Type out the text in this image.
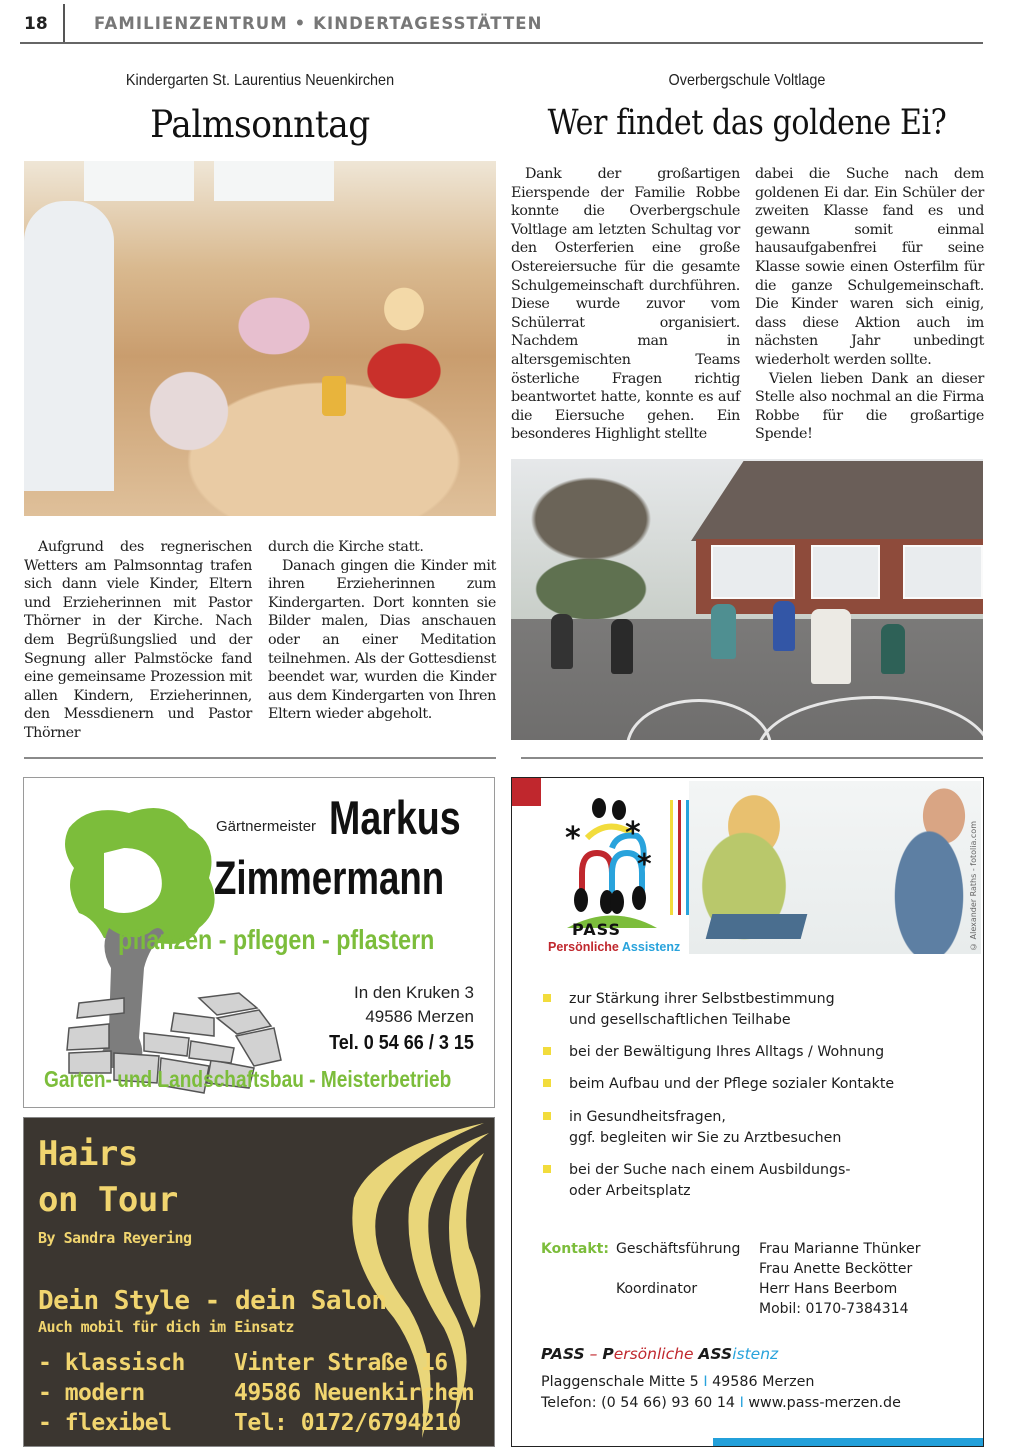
18	FAMILIENZENTRUM • KINDERTAGESSTÄTTEN
Kindergarten St. Laurentius Neuenkirchen
Palmsonntag

Aufgrund des regnerischen Wetters am Palmsonntag trafen sich dann viele Kinder, Eltern und Erzieherinnen mit Pastor Thörner in der Kirche. Nach dem Begrüßungslied und der Segnung aller Palmstöcke fand eine gemeinsame Prozession mit allen Kindern, Erzieherinnen, den Messdienern und Pastor Thörner

durch die Kirche statt.

Danach gingen die Kinder mit ihren Erzieherinnen zum Kindergarten. Dort konnten sie Bilder malen, Dias anschauen oder an einer Meditation teilnehmen. Als der Gottesdienst beendet war, wurden die Kinder aus dem Kindergarten von Ihren Eltern wieder abgeholt.

Overbergschule Voltlage
Wer findet das goldene Ei?

Dank der großartigen Eierspende der Familie Robbe konnte die Overbergschule Voltlage am letzten Schultag vor den Osterferien eine große Ostereiersuche für die gesamte Schulgemeinschaft durchführen. Diese wurde zuvor vom Schülerrat organisiert. Nachdem man in altersgemischten Teams österliche Fragen richtig beantwortet hatte, konnte es auf die Eiersuche gehen. Ein besonderes Highlight stellte

dabei die Suche nach dem goldenen Ei dar. Ein Schüler der zweiten Klasse fand es und gewann somit einmal hausaufgabenfrei für seine Klasse sowie einen Osterfilm für die ganze Schulgemeinschaft. Die Kinder waren sich einig, dass diese Aktion auch im nächsten Jahr unbedingt wiederholt werden sollte.

Vielen lieben Dank an dieser Stelle also nochmal an die Firma Robbe für die großartige Spende!

Gärtnermeister Markus
Zimmermann
pflanzen - pflegen - pflastern
In den Kruken 3
49586 Merzen
Tel. 0 54 66 / 3 15
Garten- und Landschaftsbau - Meisterbetrieb
Hairs
on Tour
By Sandra Reyering
Dein Style - dein Salon
Auch mobil für dich im Einsatz
- klassisch
- modern
- flexibel
Vinter Straße 16
49586 Neuenkirchen
Tel: 0172/6794210
* *
*
PASS
Persönliche Assistenz	© Alexander Raths - fotolia.com
zur Stärkung ihrer Selbstbestimmung
und gesellschaftlichen Teilhabe
bei der Bewältigung Ihres Alltags / Wohnung
beim Aufbau und der Pflege sozialer Kontakte
in Gesundheitsfragen,
ggf. begleiten wir Sie zu Arztbesuchen
bei der Suche nach einem Ausbildungs-
oder Arbeitsplatz
Kontakt: Geschäftsführung Frau Marianne Thünker
Frau Anette Beckötter
Koordinator	Herr Hans Beerbom
Mobil: 0170-7384314
PASS – Persönliche ASSistenz
Plaggenschale Mitte 5 I 49586 Merzen
Telefon: (0 54 66) 93 60 14 I www.pass-merzen.de
